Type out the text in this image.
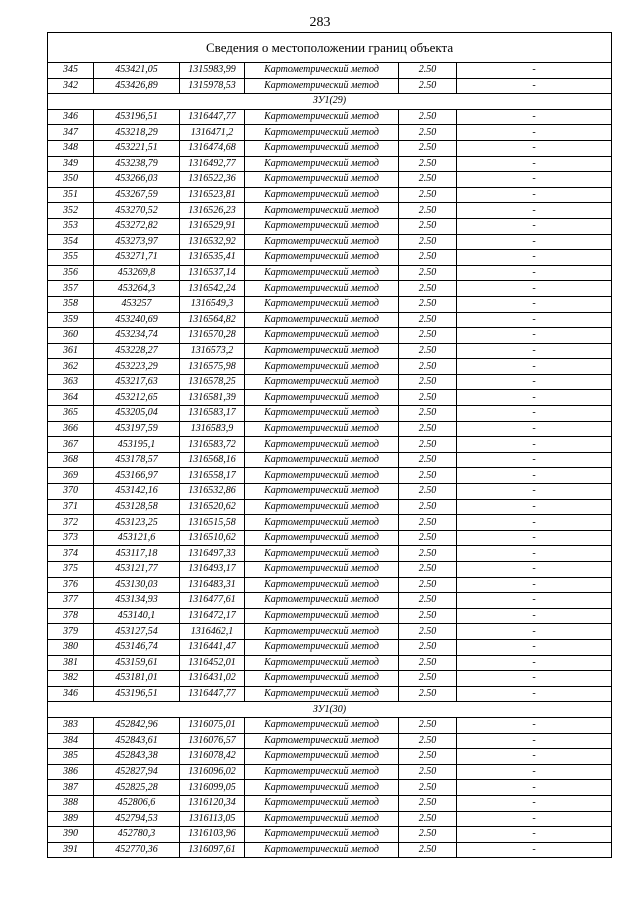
283
Сведения о местоположении границ объекта					
345	453421,05	1315983,99	Картометрический метод	2.50	-
342	453426,89	1315978,53	Картометрический метод	2.50	-
ЗУ1(29)					
346	453196,51	1316447,77	Картометрический метод	2.50	-
347	453218,29	1316471,2	Картометрический метод	2.50	-
348	453221,51	1316474,68	Картометрический метод	2.50	-
349	453238,79	1316492,77	Картометрический метод	2.50	-
350	453266,03	1316522,36	Картометрический метод	2.50	-
351	453267,59	1316523,81	Картометрический метод	2.50	-
352	453270,52	1316526,23	Картометрический метод	2.50	-
353	453272,82	1316529,91	Картометрический метод	2.50	-
354	453273,97	1316532,92	Картометрический метод	2.50	-
355	453271,71	1316535,41	Картометрический метод	2.50	-
356	453269,8	1316537,14	Картометрический метод	2.50	-
357	453264,3	1316542,24	Картометрический метод	2.50	-
358	453257	1316549,3	Картометрический метод	2.50	-
359	453240,69	1316564,82	Картометрический метод	2.50	-
360	453234,74	1316570,28	Картометрический метод	2.50	-
361	453228,27	1316573,2	Картометрический метод	2.50	-
362	453223,29	1316575,98	Картометрический метод	2.50	-
363	453217,63	1316578,25	Картометрический метод	2.50	-
364	453212,65	1316581,39	Картометрический метод	2.50	-
365	453205,04	1316583,17	Картометрический метод	2.50	-
366	453197,59	1316583,9	Картометрический метод	2.50	-
367	453195,1	1316583,72	Картометрический метод	2.50	-
368	453178,57	1316568,16	Картометрический метод	2.50	-
369	453166,97	1316558,17	Картометрический метод	2.50	-
370	453142,16	1316532,86	Картометрический метод	2.50	-
371	453128,58	1316520,62	Картометрический метод	2.50	-
372	453123,25	1316515,58	Картометрический метод	2.50	-
373	453121,6	1316510,62	Картометрический метод	2.50	-
374	453117,18	1316497,33	Картометрический метод	2.50	-
375	453121,77	1316493,17	Картометрический метод	2.50	-
376	453130,03	1316483,31	Картометрический метод	2.50	-
377	453134,93	1316477,61	Картометрический метод	2.50	-
378	453140,1	1316472,17	Картометрический метод	2.50	-
379	453127,54	1316462,1	Картометрический метод	2.50	-
380	453146,74	1316441,47	Картометрический метод	2.50	-
381	453159,61	1316452,01	Картометрический метод	2.50	-
382	453181,01	1316431,02	Картометрический метод	2.50	-
346	453196,51	1316447,77	Картометрический метод	2.50	-
ЗУ1(30)					
383	452842,96	1316075,01	Картометрический метод	2.50	-
384	452843,61	1316076,57	Картометрический метод	2.50	-
385	452843,38	1316078,42	Картометрический метод	2.50	-
386	452827,94	1316096,02	Картометрический метод	2.50	-
387	452825,28	1316099,05	Картометрический метод	2.50	-
388	452806,6	1316120,34	Картометрический метод	2.50	-
389	452794,53	1316113,05	Картометрический метод	2.50	-
390	452780,3	1316103,96	Картометрический метод	2.50	-
391	452770,36	1316097,61	Картометрический метод	2.50	-
